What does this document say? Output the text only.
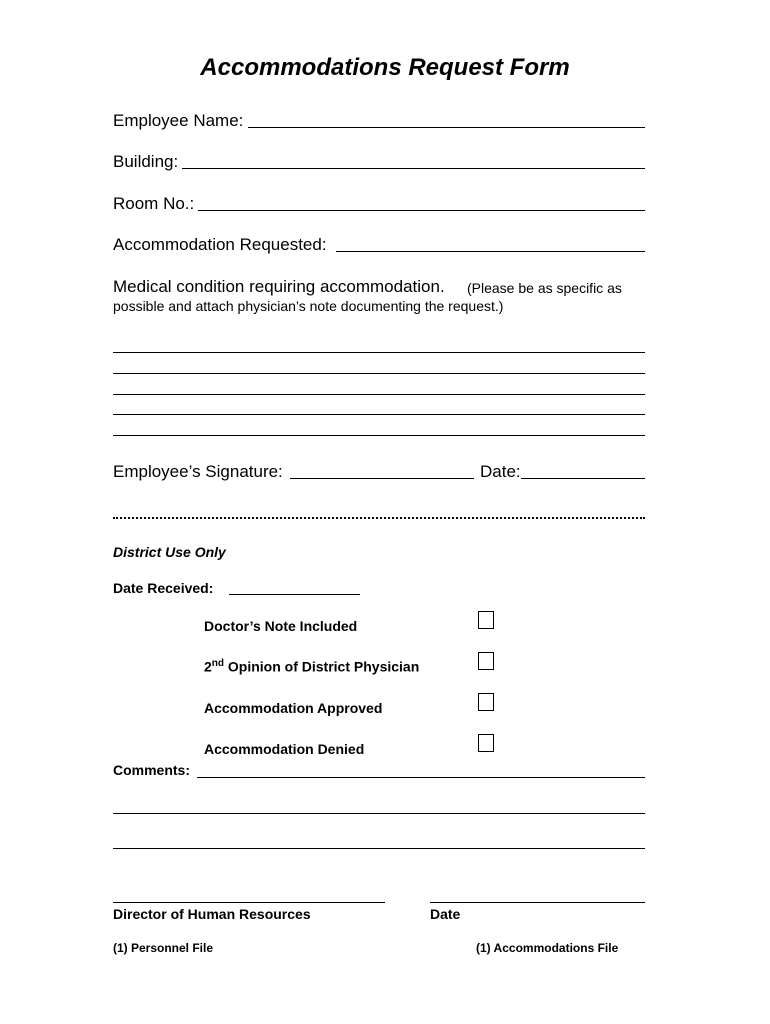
Accommodations Request Form
Employee Name:
Building:
Room No.:
Accommodation Requested:
Medical condition requiring accommodation. (Please be as specific as
possible and attach physician’s note documenting the request.)
Employee’s Signature:	Date:
District Use Only
Date Received:
Doctor’s Note Included
2nd Opinion of District Physician
Accommodation Approved
Accommodation Denied
Comments:
Director of Human Resources	Date
(1) Personnel File	(1) Accommodations File
